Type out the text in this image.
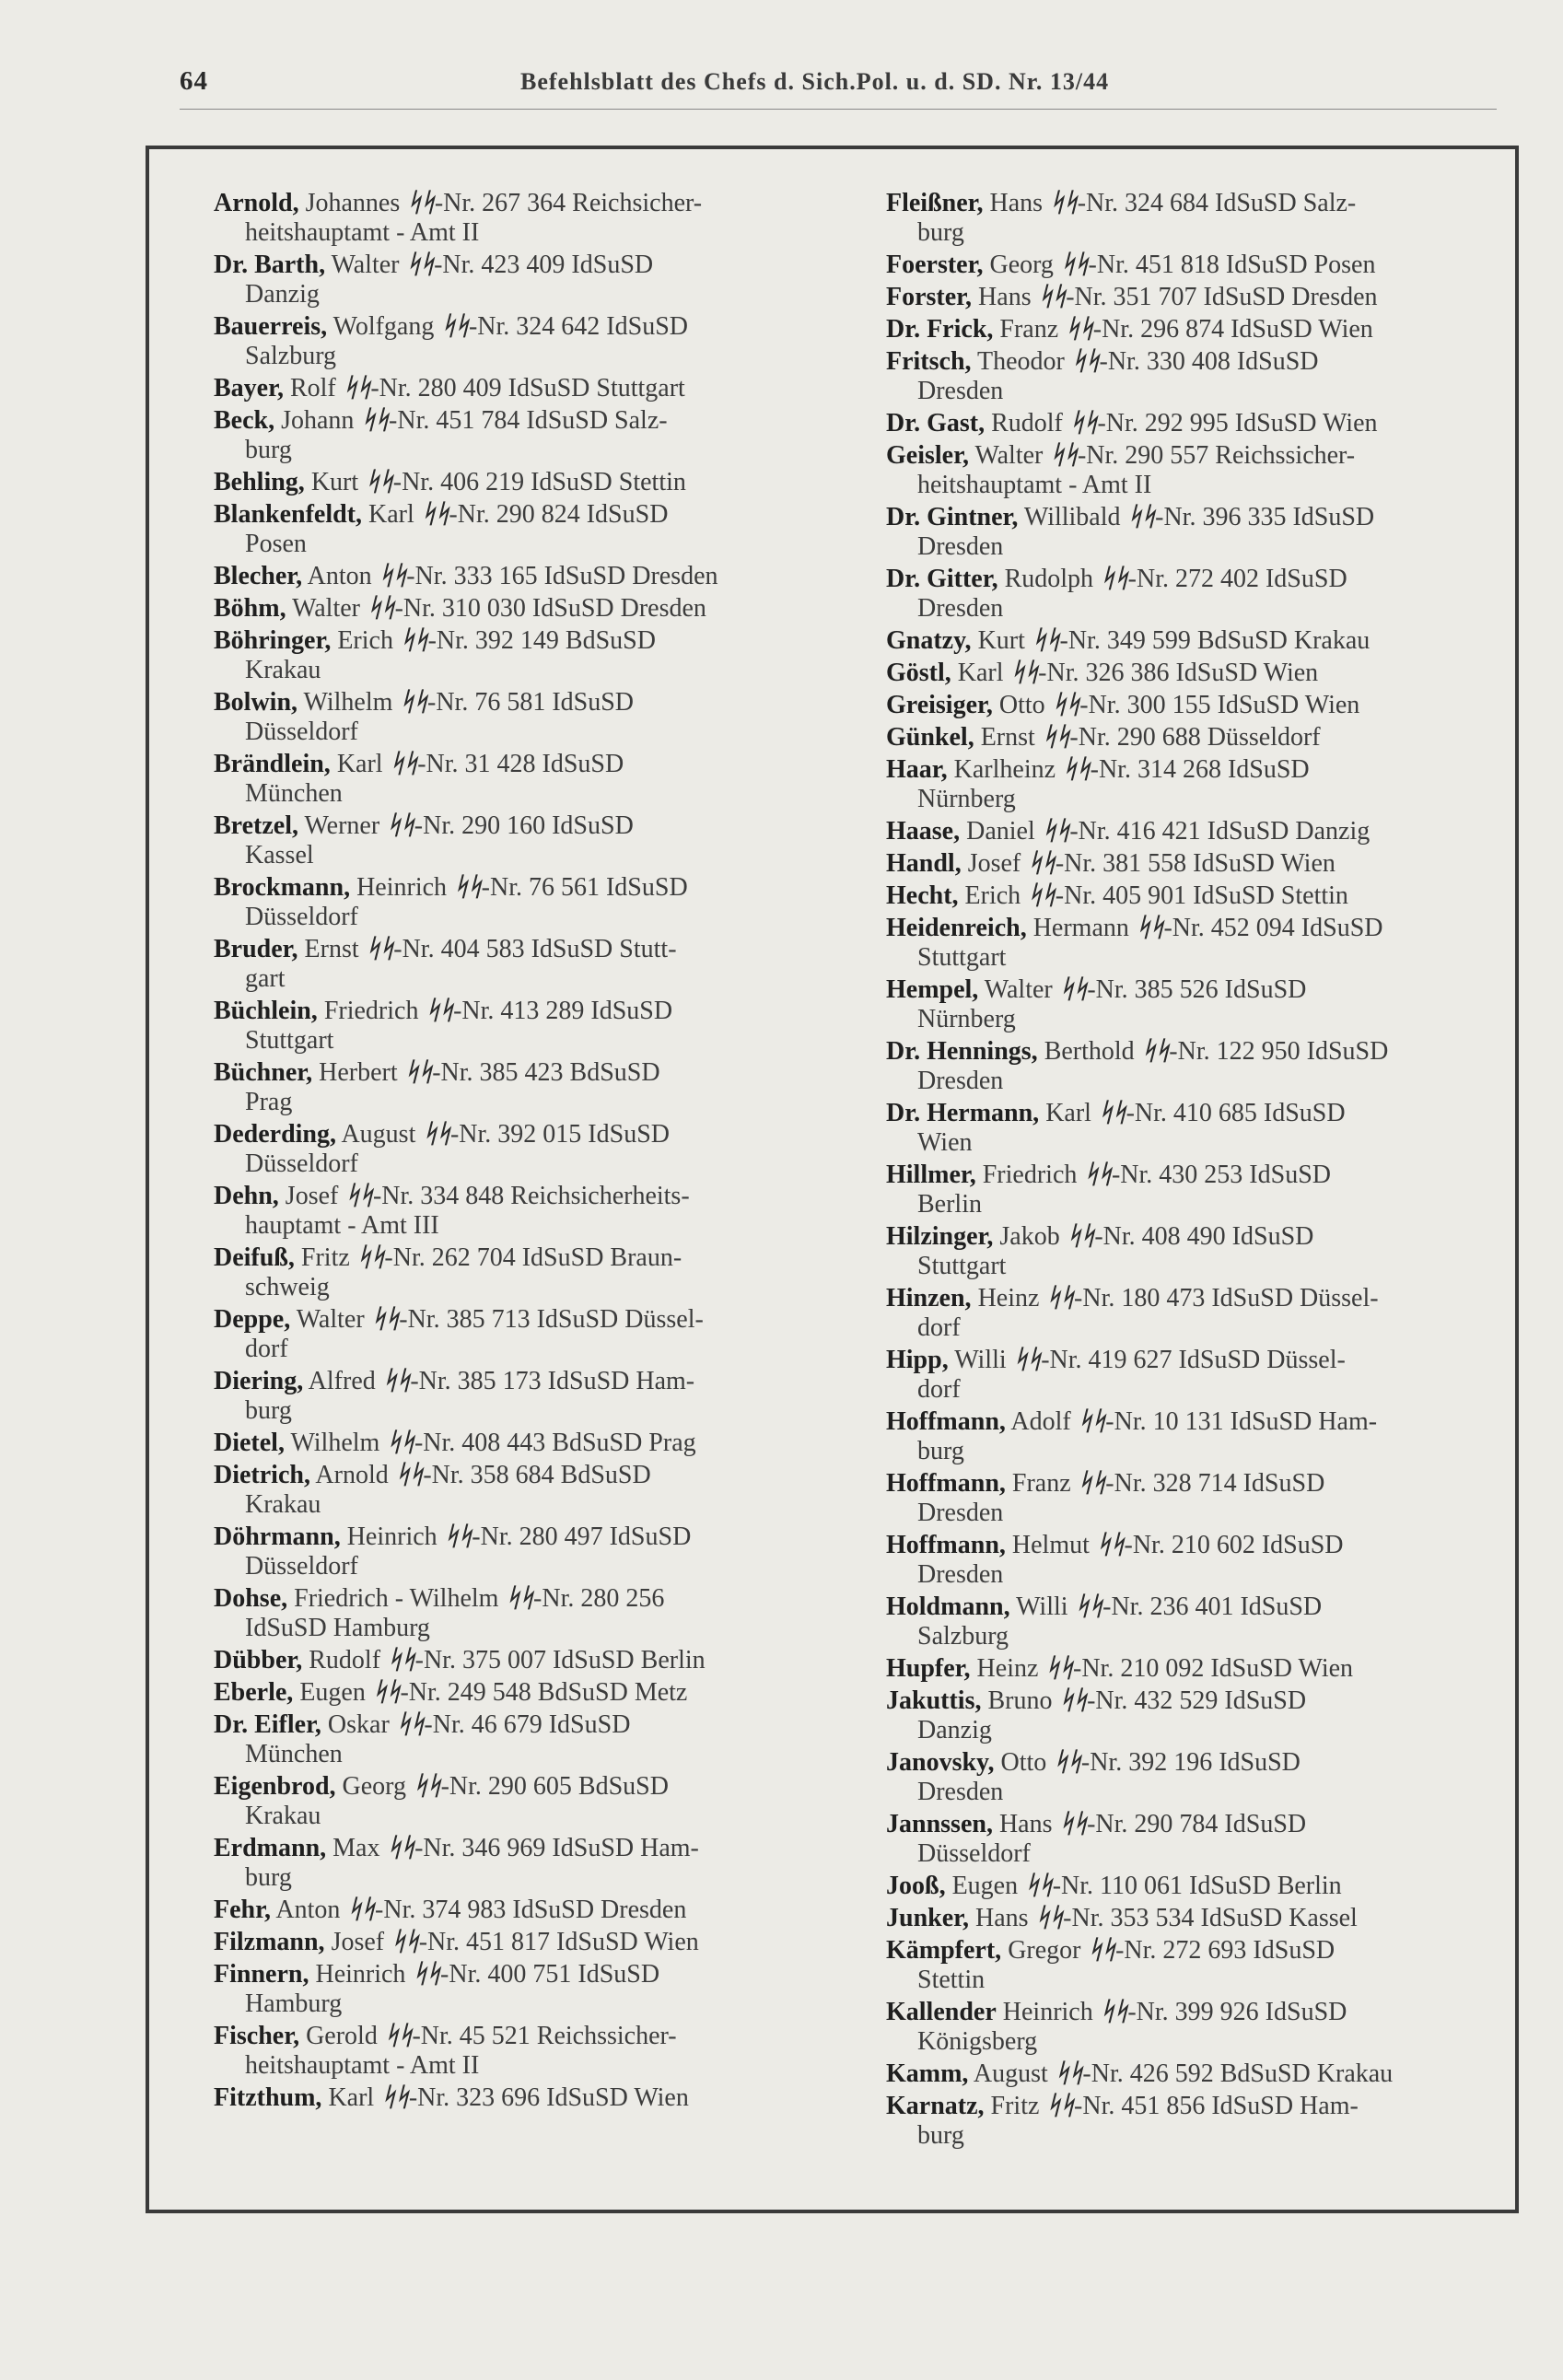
64	Befehlsblatt des Chefs d. Sich.Pol. u. d. SD. Nr. 13/44
Arnold, Johannes ᛋᛋ-Nr. 267 364 Reichsicher-
heitshauptamt - Amt II
Dr. Barth, Walter ᛋᛋ-Nr. 423 409 IdSuSD
Danzig
Bauerreis, Wolfgang ᛋᛋ-Nr. 324 642 IdSuSD
Salzburg
Bayer, Rolf ᛋᛋ-Nr. 280 409 IdSuSD Stuttgart
Beck, Johann ᛋᛋ-Nr. 451 784 IdSuSD Salz-
burg
Behling, Kurt ᛋᛋ-Nr. 406 219 IdSuSD Stettin
Blankenfeldt, Karl ᛋᛋ-Nr. 290 824 IdSuSD
Posen
Blecher, Anton ᛋᛋ-Nr. 333 165 IdSuSD Dresden
Böhm, Walter ᛋᛋ-Nr. 310 030 IdSuSD Dresden
Böhringer, Erich ᛋᛋ-Nr. 392 149 BdSuSD
Krakau
Bolwin, Wilhelm ᛋᛋ-Nr. 76 581 IdSuSD
Düsseldorf
Brändlein, Karl ᛋᛋ-Nr. 31 428 IdSuSD
München
Bretzel, Werner ᛋᛋ-Nr. 290 160 IdSuSD
Kassel
Brockmann, Heinrich ᛋᛋ-Nr. 76 561 IdSuSD
Düsseldorf
Bruder, Ernst ᛋᛋ-Nr. 404 583 IdSuSD Stutt-
gart
Büchlein, Friedrich ᛋᛋ-Nr. 413 289 IdSuSD
Stuttgart
Büchner, Herbert ᛋᛋ-Nr. 385 423 BdSuSD
Prag
Dederding, August ᛋᛋ-Nr. 392 015 IdSuSD
Düsseldorf
Dehn, Josef ᛋᛋ-Nr. 334 848 Reichsicherheits-
hauptamt - Amt III
Deifuß, Fritz ᛋᛋ-Nr. 262 704 IdSuSD Braun-
schweig
Deppe, Walter ᛋᛋ-Nr. 385 713 IdSuSD Düssel-
dorf
Diering, Alfred ᛋᛋ-Nr. 385 173 IdSuSD Ham-
burg
Dietel, Wilhelm ᛋᛋ-Nr. 408 443 BdSuSD Prag
Dietrich, Arnold ᛋᛋ-Nr. 358 684 BdSuSD
Krakau
Döhrmann, Heinrich ᛋᛋ-Nr. 280 497 IdSuSD
Düsseldorf
Dohse, Friedrich - Wilhelm ᛋᛋ-Nr. 280 256
IdSuSD Hamburg
Dübber, Rudolf ᛋᛋ-Nr. 375 007 IdSuSD Berlin
Eberle, Eugen ᛋᛋ-Nr. 249 548 BdSuSD Metz
Dr. Eifler, Oskar ᛋᛋ-Nr. 46 679 IdSuSD
München
Eigenbrod, Georg ᛋᛋ-Nr. 290 605 BdSuSD
Krakau
Erdmann, Max ᛋᛋ-Nr. 346 969 IdSuSD Ham-
burg
Fehr, Anton ᛋᛋ-Nr. 374 983 IdSuSD Dresden
Filzmann, Josef ᛋᛋ-Nr. 451 817 IdSuSD Wien
Finnern, Heinrich ᛋᛋ-Nr. 400 751 IdSuSD
Hamburg
Fischer, Gerold ᛋᛋ-Nr. 45 521 Reichssicher-
heitshauptamt - Amt II
Fitzthum, Karl ᛋᛋ-Nr. 323 696 IdSuSD Wien
Fleißner, Hans ᛋᛋ-Nr. 324 684 IdSuSD Salz-
burg
Foerster, Georg ᛋᛋ-Nr. 451 818 IdSuSD Posen
Forster, Hans ᛋᛋ-Nr. 351 707 IdSuSD Dresden
Dr. Frick, Franz ᛋᛋ-Nr. 296 874 IdSuSD Wien
Fritsch, Theodor ᛋᛋ-Nr. 330 408 IdSuSD
Dresden
Dr. Gast, Rudolf ᛋᛋ-Nr. 292 995 IdSuSD Wien
Geisler, Walter ᛋᛋ-Nr. 290 557 Reichssicher-
heitshauptamt - Amt II
Dr. Gintner, Willibald ᛋᛋ-Nr. 396 335 IdSuSD
Dresden
Dr. Gitter, Rudolph ᛋᛋ-Nr. 272 402 IdSuSD
Dresden
Gnatzy, Kurt ᛋᛋ-Nr. 349 599 BdSuSD Krakau
Göstl, Karl ᛋᛋ-Nr. 326 386 IdSuSD Wien
Greisiger, Otto ᛋᛋ-Nr. 300 155 IdSuSD Wien
Günkel, Ernst ᛋᛋ-Nr. 290 688 Düsseldorf
Haar, Karlheinz ᛋᛋ-Nr. 314 268 IdSuSD
Nürnberg
Haase, Daniel ᛋᛋ-Nr. 416 421 IdSuSD Danzig
Handl, Josef ᛋᛋ-Nr. 381 558 IdSuSD Wien
Hecht, Erich ᛋᛋ-Nr. 405 901 IdSuSD Stettin
Heidenreich, Hermann ᛋᛋ-Nr. 452 094 IdSuSD
Stuttgart
Hempel, Walter ᛋᛋ-Nr. 385 526 IdSuSD
Nürnberg
Dr. Hennings, Berthold ᛋᛋ-Nr. 122 950 IdSuSD
Dresden
Dr. Hermann, Karl ᛋᛋ-Nr. 410 685 IdSuSD
Wien
Hillmer, Friedrich ᛋᛋ-Nr. 430 253 IdSuSD
Berlin
Hilzinger, Jakob ᛋᛋ-Nr. 408 490 IdSuSD
Stuttgart
Hinzen, Heinz ᛋᛋ-Nr. 180 473 IdSuSD Düssel-
dorf
Hipp, Willi ᛋᛋ-Nr. 419 627 IdSuSD Düssel-
dorf
Hoffmann, Adolf ᛋᛋ-Nr. 10 131 IdSuSD Ham-
burg
Hoffmann, Franz ᛋᛋ-Nr. 328 714 IdSuSD
Dresden
Hoffmann, Helmut ᛋᛋ-Nr. 210 602 IdSuSD
Dresden
Holdmann, Willi ᛋᛋ-Nr. 236 401 IdSuSD
Salzburg
Hupfer, Heinz ᛋᛋ-Nr. 210 092 IdSuSD Wien
Jakuttis, Bruno ᛋᛋ-Nr. 432 529 IdSuSD
Danzig
Janovsky, Otto ᛋᛋ-Nr. 392 196 IdSuSD
Dresden
Jannssen, Hans ᛋᛋ-Nr. 290 784 IdSuSD
Düsseldorf
Jooß, Eugen ᛋᛋ-Nr. 110 061 IdSuSD Berlin
Junker, Hans ᛋᛋ-Nr. 353 534 IdSuSD Kassel
Kämpfert, Gregor ᛋᛋ-Nr. 272 693 IdSuSD
Stettin
Kallender Heinrich ᛋᛋ-Nr. 399 926 IdSuSD
Königsberg
Kamm, August ᛋᛋ-Nr. 426 592 BdSuSD Krakau
Karnatz, Fritz ᛋᛋ-Nr. 451 856 IdSuSD Ham-
burg
